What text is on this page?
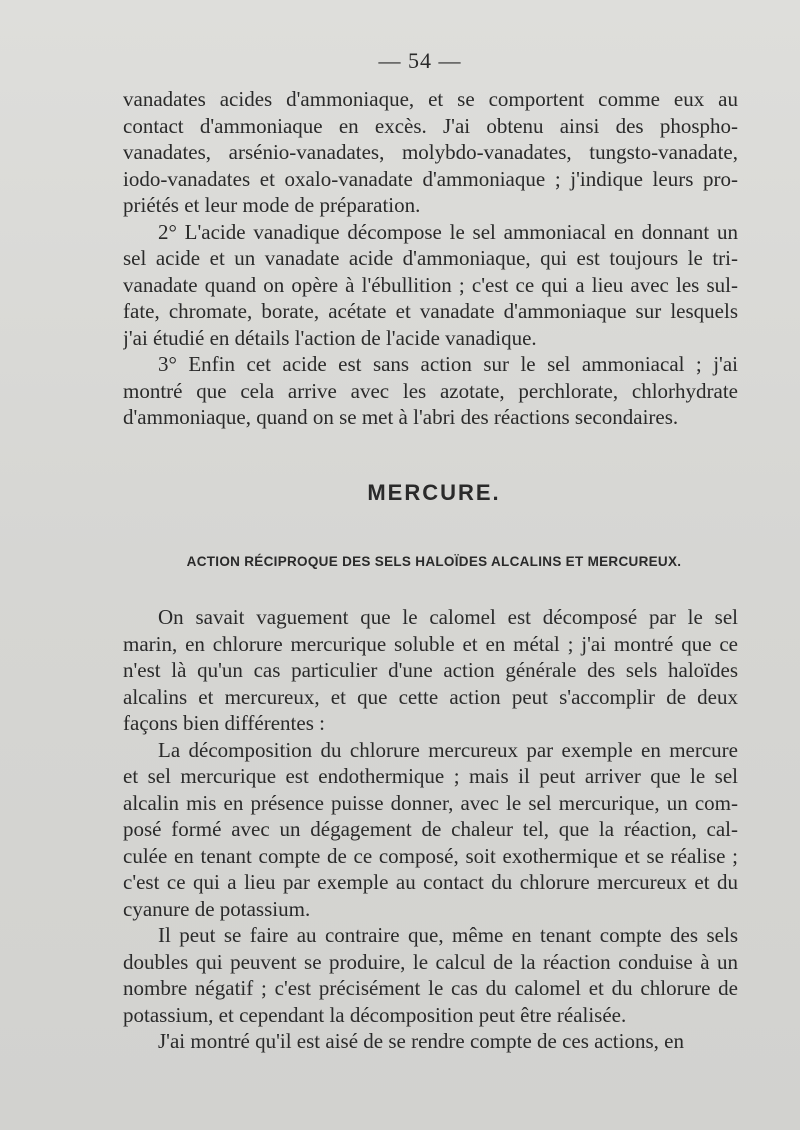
— 54 —

vanadates acides d'ammoniaque, et se comportent comme eux au
contact d'ammoniaque en excès. J'ai obtenu ainsi des phospho-
vanadates, arsénio-vanadates, molybdo-vanadates, tungsto-vanadate,
iodo-vanadates et oxalo-vanadate d'ammoniaque ; j'indique leurs pro-
priétés et leur mode de préparation.

2° L'acide vanadique décompose le sel ammoniacal en donnant un
sel acide et un vanadate acide d'ammoniaque, qui est toujours le tri-
vanadate quand on opère à l'ébullition ; c'est ce qui a lieu avec les sul-
fate, chromate, borate, acétate et vanadate d'ammoniaque sur lesquels
j'ai étudié en détails l'action de l'acide vanadique.

3° Enfin cet acide est sans action sur le sel ammoniacal ; j'ai
montré que cela arrive avec les azotate, perchlorate, chlorhydrate
d'ammoniaque, quand on se met à l'abri des réactions secondaires.

MERCURE.
ACTION RÉCIPROQUE DES SELS HALOÏDES ALCALINS ET MERCUREUX.

On savait vaguement que le calomel est décomposé par le sel
marin, en chlorure mercurique soluble et en métal ; j'ai montré que ce
n'est là qu'un cas particulier d'une action générale des sels haloïdes
alcalins et mercureux, et que cette action peut s'accomplir de deux
façons bien différentes :

La décomposition du chlorure mercureux par exemple en mercure
et sel mercurique est endothermique ; mais il peut arriver que le sel
alcalin mis en présence puisse donner, avec le sel mercurique, un com-
posé formé avec un dégagement de chaleur tel, que la réaction, cal-
culée en tenant compte de ce composé, soit exothermique et se réalise ;
c'est ce qui a lieu par exemple au contact du chlorure mercureux et du
cyanure de potassium.

Il peut se faire au contraire que, même en tenant compte des sels
doubles qui peuvent se produire, le calcul de la réaction conduise à un
nombre négatif ; c'est précisément le cas du calomel et du chlorure de
potassium, et cependant la décomposition peut être réalisée.

J'ai montré qu'il est aisé de se rendre compte de ces actions, en
